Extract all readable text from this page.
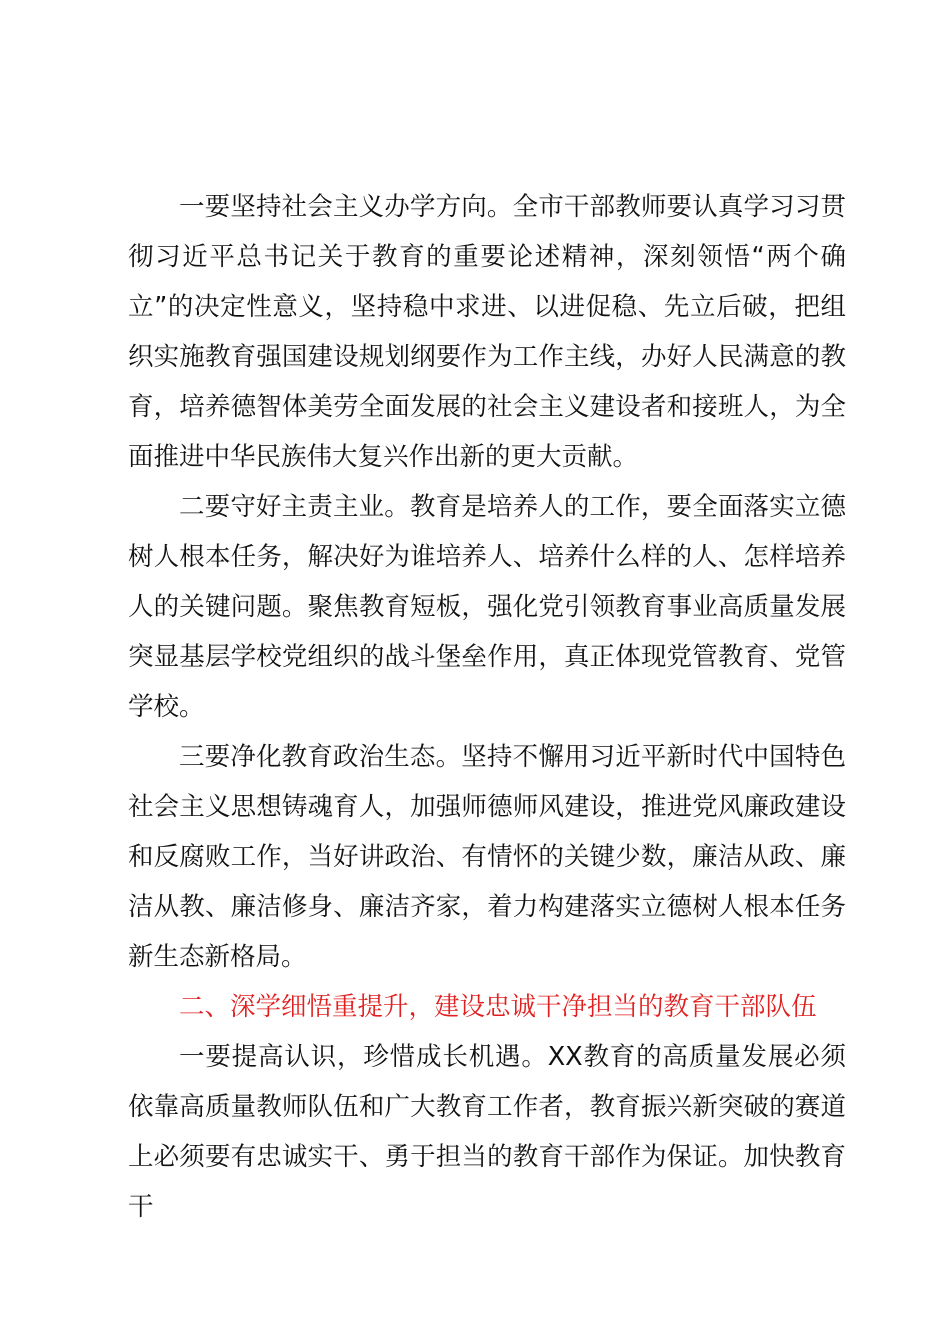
一要坚持社会主义办学方向。全市干部教师要认真学习习贯彻习近平总书记关于教育的重要论述精神，深刻领悟“两个确立”的决定性意义，坚持稳中求进、以进促稳、先立后破，把组织实施教育强国建设规划纲要作为工作主线，办好人民满意的教育，培养德智体美劳全面发展的社会主义建设者和接班人，为全面推进中华民族伟大复兴作出新的更大贡献。

二要守好主责主业。教育是培养人的工作，要全面落实立德树人根本任务，解决好为谁培养人、培养什么样的人、怎样培养人的关键问题。聚焦教育短板，强化党引领教育事业高质量发展突显基层学校党组织的战斗堡垒作用，真正体现党管教育、党管学校。

三要净化教育政治生态。坚持不懈用习近平新时代中国特色社会主义思想铸魂育人，加强师德师风建设，推进党风廉政建设和反腐败工作，当好讲政治、有情怀的关键少数，廉洁从政、廉洁从教、廉洁修身、廉洁齐家，着力构建落实立德树人根本任务新生态新格局。

二、深学细悟重提升，建设忠诚干净担当的教育干部队伍

一要提高认识，珍惜成长机遇。XX教育的高质量发展必须依靠高质量教师队伍和广大教育工作者，教育振兴新突破的赛道上必须要有忠诚实干、勇于担当的教育干部作为保证。加快教育干
